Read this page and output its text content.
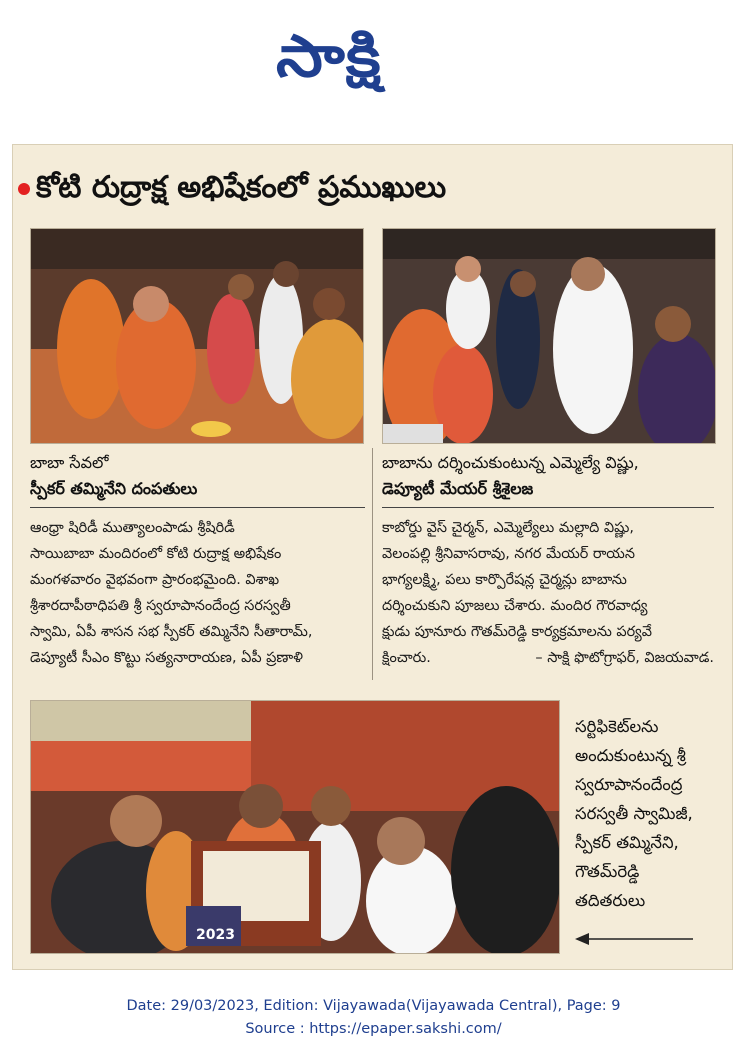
సాక్షి
కోటి రుద్రాక్ష అభిషేకంలో ప్రముఖులు
బాబా సేవలో
స్పీకర్ తమ్మినేని దంపతులు
బాబాను దర్శించుకుంటున్న ఎమ్మెల్యే విష్ణు,
డెప్యూటీ మేయర్ శ్రీశైలజ
ఆంధ్రా షిరిడీ ముత్యాలంపాడు శ్రీషిరిడీ
సాయిబాబా మందిరంలో కోటి రుద్రాక్ష అభిషేకం
మంగళవారం వైభవంగా ప్రారంభమైంది. విశాఖ
శ్రీశారదాపీఠాధిపతి శ్రీ స్వరూపానందేంద్ర సరస్వతీ
స్వామి, ఏపీ శాసన సభ స్పీకర్ తమ్మినేని సీతారామ్,
డెప్యూటీ సీఎం కొట్టు సత్యనారాయణ, ఏపీ ప్రణాళి
కాబోర్డు వైస్ చైర్మన్, ఎమ్మెల్యేలు మల్లాది విష్ణు,
వెలంపల్లి శ్రీనివాసరావు, నగర మేయర్ రాయన
భాగ్యలక్ష్మి, పలు కార్పొరేషన్ల చైర్మన్లు బాబాను
దర్శించుకుని పూజలు చేశారు. మందిర గౌరవాధ్య
క్షుడు పూనూరు గౌతమ్‌రెడ్డి కార్యక్రమాలను పర్యవే
క్షించారు.	– సాక్షి ఫొటోగ్రాఫర్, విజయవాడ.
2023
సర్టిఫికెట్‌లను
అందుకుంటున్న శ్రీ
స్వరూపానందేంద్ర
సరస్వతీ స్వామిజీ,
స్పీకర్ తమ్మినేని,
గౌతమ్‌రెడ్డి
తదితరులు
Date: 29/03/2023, Edition: Vijayawada(Vijayawada Central), Page: 9
Source : https://epaper.sakshi.com/
